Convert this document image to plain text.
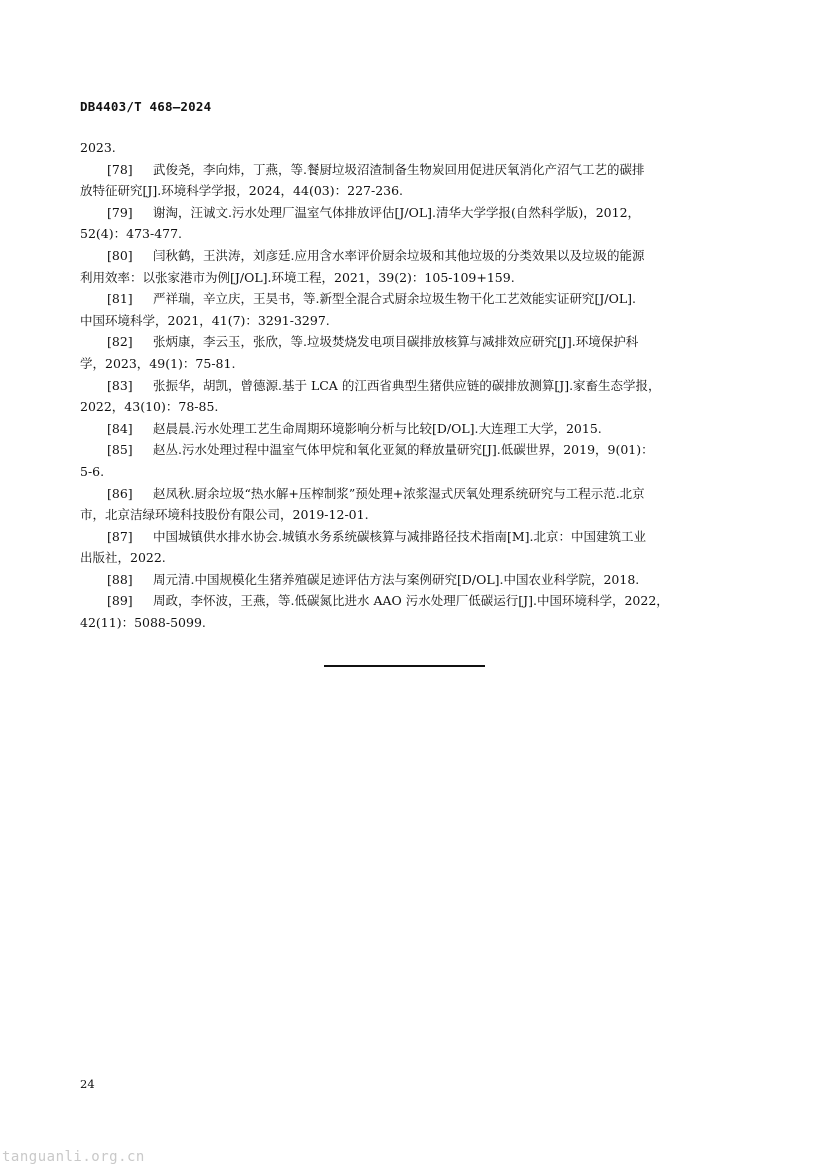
DB4403/T 468—2024
2023.
[78] 武俊尧，李向炜，丁燕，等.餐厨垃圾沼渣制备生物炭回用促进厌氧消化产沼气工艺的碳排
放特征研究[J].环境科学学报，2024，44(03)：227-236.
[79] 谢淘，汪诚文.污水处理厂温室气体排放评估[J/OL].清华大学学报(自然科学版)，2012，
52(4)：473-477.
[80] 闫秋鹤，王洪涛，刘彦廷.应用含水率评价厨余垃圾和其他垃圾的分类效果以及垃圾的能源
利用效率：以张家港市为例[J/OL].环境工程，2021，39(2)：105-109+159.
[81] 严祥瑞，辛立庆，王昊书，等.新型全混合式厨余垃圾生物干化工艺效能实证研究[J/OL].
中国环境科学，2021，41(7)：3291-3297.
[82] 张炳康，李云玉，张欣，等.垃圾焚烧发电项目碳排放核算与减排效应研究[J].环境保护科
学，2023，49(1)：75-81.
[83] 张振华，胡凯，曾德源.基于 LCA 的江西省典型生猪供应链的碳排放测算[J].家畜生态学报，
2022，43(10)：78-85.
[84] 赵晨晨.污水处理工艺生命周期环境影响分析与比较[D/OL].大连理工大学，2015.
[85] 赵丛.污水处理过程中温室气体甲烷和氧化亚氮的释放量研究[J].低碳世界，2019，9(01)：
5-6.
[86] 赵凤秋.厨余垃圾“热水解+压榨制浆”预处理+浓浆湿式厌氧处理系统研究与工程示范.北京
市，北京洁绿环境科技股份有限公司，2019-12-01.
[87] 中国城镇供水排水协会.城镇水务系统碳核算与减排路径技术指南[M].北京：中国建筑工业
出版社，2022.
[88] 周元清.中国规模化生猪养殖碳足迹评估方法与案例研究[D/OL].中国农业科学院，2018.
[89] 周政，李怀波，王燕，等.低碳氮比进水 AAO 污水处理厂低碳运行[J].中国环境科学，2022，
42(11)：5088-5099.
24
tanguanli.org.cn
